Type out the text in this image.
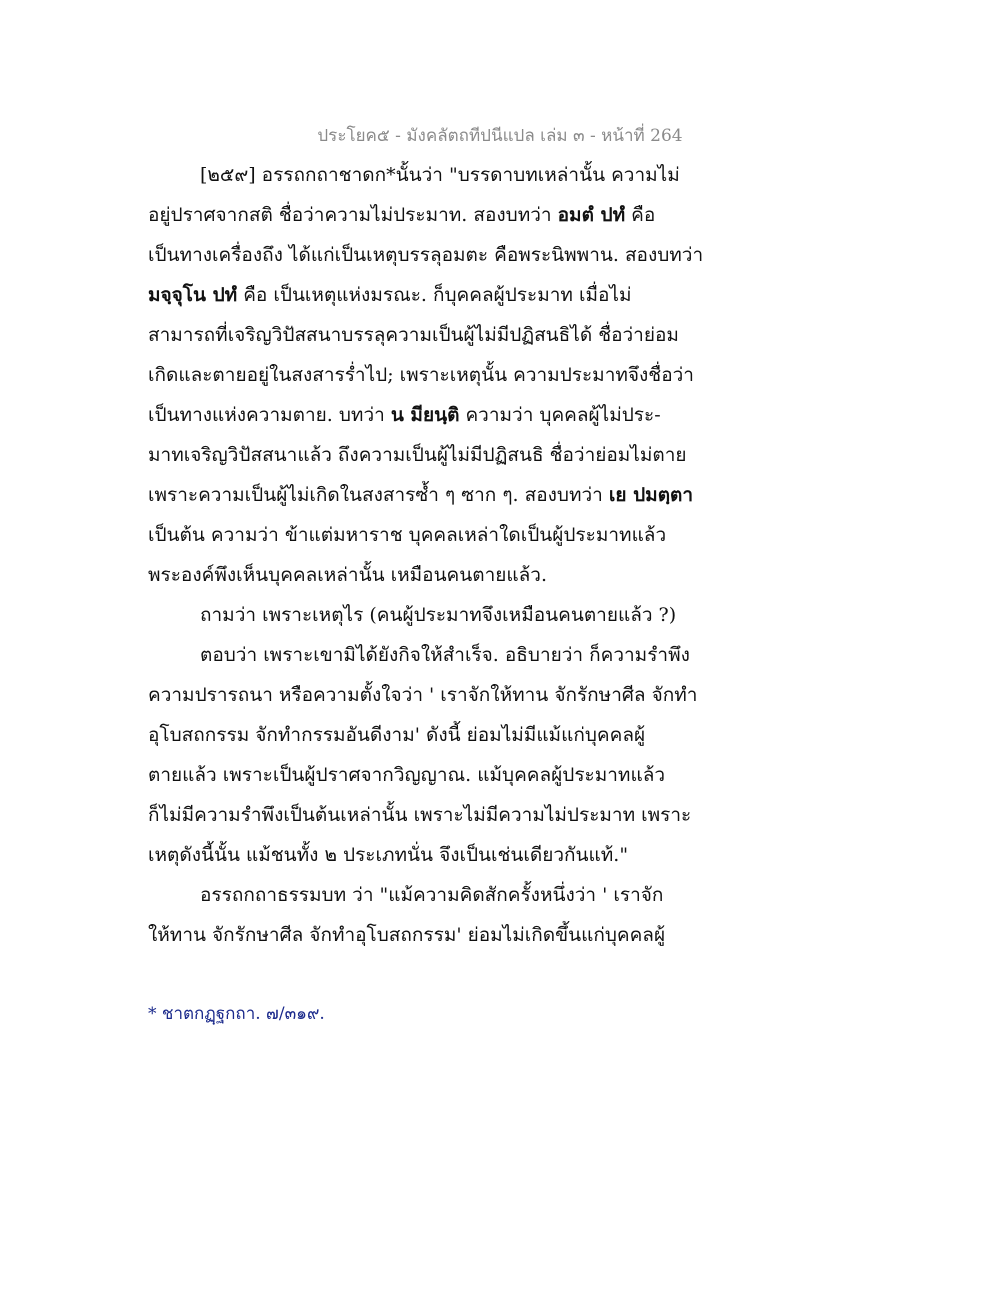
ประโยค๕ - มังคลัตถทีปนีแปล เล่ม ๓ - หน้าที่ 264
[๒๕๙] อรรถกถาชาดก*นั้นว่า "บรรดาบทเหล่านั้น ความไม่
อยู่ปราศจากสติ ชื่อว่าความไม่ประมาท. สองบทว่า อมตํ ปทํ คือ
เป็นทางเครื่องถึง ได้แก่เป็นเหตุบรรลุอมตะ คือพระนิพพาน. สองบทว่า
มจฺจุโน ปทํ คือ เป็นเหตุแห่งมรณะ. ก็บุคคลผู้ประมาท เมื่อไม่
สามารถที่เจริญวิปัสสนาบรรลุความเป็นผู้ไม่มีปฏิสนธิได้ ชื่อว่าย่อม
เกิดและตายอยู่ในสงสารร่ำไป; เพราะเหตุนั้น ความประมาทจึงชื่อว่า
เป็นทางแห่งความตาย. บทว่า น มียนฺติ ความว่า บุคคลผู้ไม่ประ-
มาทเจริญวิปัสสนาแล้ว ถึงความเป็นผู้ไม่มีปฏิสนธิ ชื่อว่าย่อมไม่ตาย
เพราะความเป็นผู้ไม่เกิดในสงสารซ้ำ ๆ ซาก ๆ. สองบทว่า เย ปมตฺตา
เป็นต้น ความว่า ข้าแต่มหาราช บุคคลเหล่าใดเป็นผู้ประมาทแล้ว
พระองค์พึงเห็นบุคคลเหล่านั้น เหมือนคนตายแล้ว.
ถามว่า เพราะเหตุไร (คนผู้ประมาทจึงเหมือนคนตายแล้ว ?)
ตอบว่า เพราะเขามิได้ยังกิจให้สำเร็จ. อธิบายว่า ก็ความรำพึง
ความปรารถนา หรือความตั้งใจว่า ' เราจักให้ทาน จักรักษาศีล จักทำ
อุโบสถกรรม จักทำกรรมอันดีงาม' ดังนี้ ย่อมไม่มีแม้แก่บุคคลผู้
ตายแล้ว เพราะเป็นผู้ปราศจากวิญญาณ. แม้บุคคลผู้ประมาทแล้ว
ก็ไม่มีความรำพึงเป็นต้นเหล่านั้น เพราะไม่มีความไม่ประมาท เพราะ
เหตุดังนี้นั้น แม้ชนทั้ง ๒ ประเภทนั่น จึงเป็นเช่นเดียวกันแท้."
อรรถกถาธรรมบท ว่า "แม้ความคิดสักครั้งหนึ่งว่า ' เราจัก
ให้ทาน จักรักษาศีล จักทำอุโบสถกรรม' ย่อมไม่เกิดขึ้นแก่บุคคลผู้
* ชาตกฏฺฐกถา. ๗/๓๑๙.
